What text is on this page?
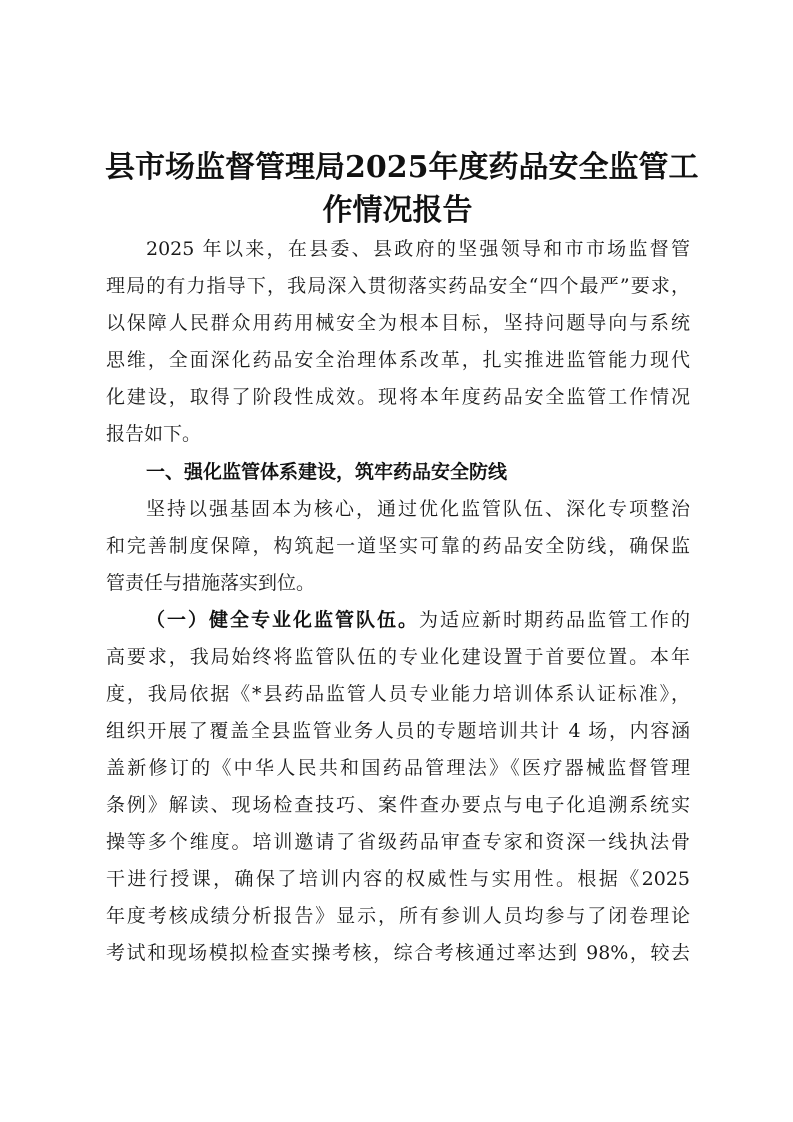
县市场监督管理局2025年度药品安全监管工
作情况报告
2025 年以来，在县委、县政府的坚强领导和市市场监督管
理局的有力指导下，我局深入贯彻落实药品安全“四个最严”要求，
以保障人民群众用药用械安全为根本目标，坚持问题导向与系统
思维，全面深化药品安全治理体系改革，扎实推进监管能力现代
化建设，取得了阶段性成效。现将本年度药品安全监管工作情况
报告如下。
一、强化监管体系建设，筑牢药品安全防线
坚持以强基固本为核心，通过优化监管队伍、深化专项整治
和完善制度保障，构筑起一道坚实可靠的药品安全防线，确保监
管责任与措施落实到位。
（一）健全专业化监管队伍。为适应新时期药品监管工作的
高要求，我局始终将监管队伍的专业化建设置于首要位置。本年
度，我局依据《*县药品监管人员专业能力培训体系认证标准》，
组织开展了覆盖全县监管业务人员的专题培训共计 4 场，内容涵
盖新修订的《中华人民共和国药品管理法》《医疗器械监督管理
条例》解读、现场检查技巧、案件查办要点与电子化追溯系统实
操等多个维度。培训邀请了省级药品审查专家和资深一线执法骨
干进行授课，确保了培训内容的权威性与实用性。根据《2025
年度考核成绩分析报告》显示，所有参训人员均参与了闭卷理论
考试和现场模拟检查实操考核，综合考核通过率达到 98%，较去
